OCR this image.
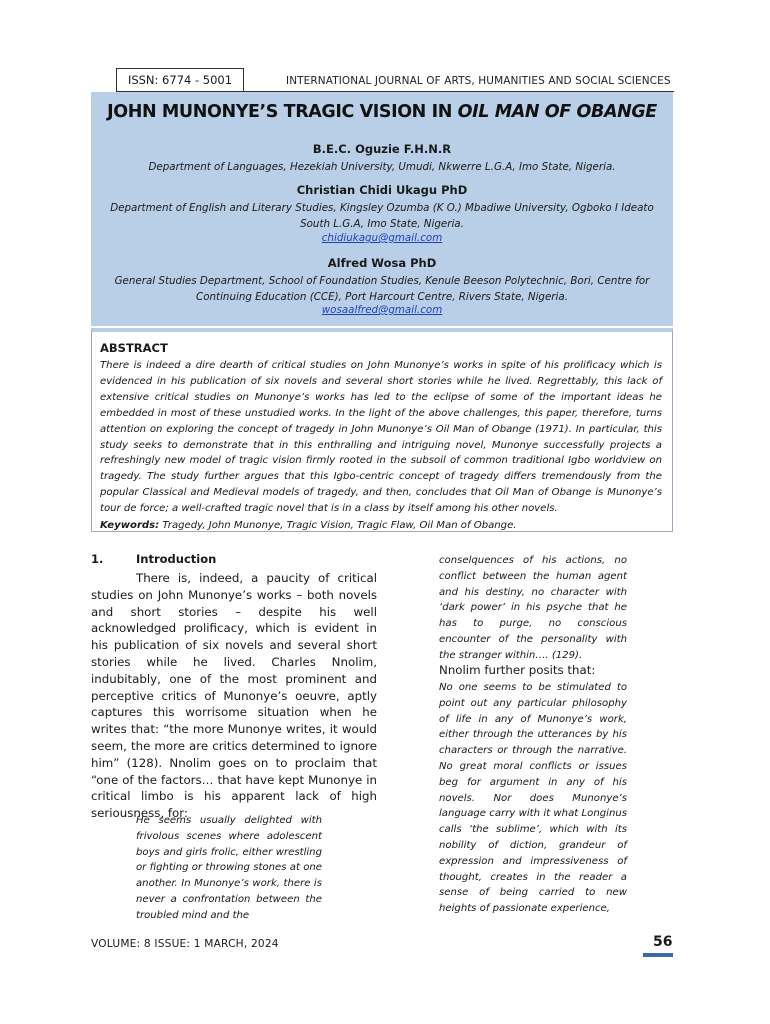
ISSN: 6774 - 5001	INTERNATIONAL JOURNAL OF ARTS, HUMANITIES AND SOCIAL SCIENCES
JOHN MUNONYE’S TRAGIC VISION IN OIL MAN OF OBANGE
B.E.C. Oguzie F.H.N.R
Department of Languages, Hezekiah University, Umudi, Nkwerre L.G.A, Imo State, Nigeria.
Christian Chidi Ukagu PhD
Department of English and Literary Studies, Kingsley Ozumba (K O.) Mbadiwe University, Ogboko I Ideato South L.G.A, Imo State, Nigeria.
chidiukagu@gmail.com
Alfred Wosa PhD
General Studies Department, School of Foundation Studies, Kenule Beeson Polytechnic, Bori, Centre for Continuing Education (CCE), Port Harcourt Centre, Rivers State, Nigeria.
wosaalfred@gmail.com
ABSTRACT
There is indeed a dire dearth of critical studies on John Munonye’s works in spite of his prolificacy which is evidenced in his publication of six novels and several short stories while he lived. Regrettably, this lack of extensive critical studies on Munonye’s works has led to the eclipse of some of the important ideas he embedded in most of these unstudied works. In the light of the above challenges, this paper, therefore, turns attention on exploring the concept of tragedy in John Munonye’s Oil Man of Obange (1971). In particular, this study seeks to demonstrate that in this enthralling and intriguing novel, Munonye successfully projects a refreshingly new model of tragic vision firmly rooted in the subsoil of common traditional Igbo worldview on tragedy. The study further argues that this Igbo-centric concept of tragedy differs tremendously from the popular Classical and Medieval models of tragedy, and then, concludes that Oil Man of Obange is Munonye’s tour de force; a well-crafted tragic novel that is in a class by itself among his other novels.
Keywords: Tragedy, John Munonye, Tragic Vision, Tragic Flaw, Oil Man of Obange.
1.	Introduction
There is, indeed, a paucity of critical studies on John Munonye’s works – both novels and short stories – despite his well acknowledged prolificacy, which is evident in his publication of six novels and several short stories while he lived. Charles Nnolim, indubitably, one of the most prominent and perceptive critics of Munonye’s oeuvre, aptly captures this worrisome situation when he writes that: “the more Munonye writes, it would seem, the more are critics determined to ignore him” (128). Nnolim goes on to proclaim that “one of the factors… that have kept Munonye in critical limbo is his apparent lack of high seriousness, for:
He seems usually delighted with frivolous scenes where adolescent boys and girls frolic, either wrestling or fighting or throwing stones at one another. In Munonye’s work, there is never a confrontation between the troubled mind and the
conselquences of his actions, no conflict between the human agent and his destiny, no character with ‘dark power’ in his psyche that he has to purge, no conscious encounter of the personality with the stranger within…. (129).
Nnolim further posits that:
No one seems to be stimulated to point out any particular philosophy of life in any of Munonye’s work, either through the utterances by his characters or through the narrative. No great moral conflicts or issues beg for argument in any of his novels. Nor does Munonye’s language carry with it what Longinus calls ‘the sublime’, which with its nobility of diction, grandeur of expression and impressiveness of thought, creates in the reader a sense of being carried to new heights of passionate experience,
VOLUME: 8 ISSUE: 1 MARCH, 2024	56
